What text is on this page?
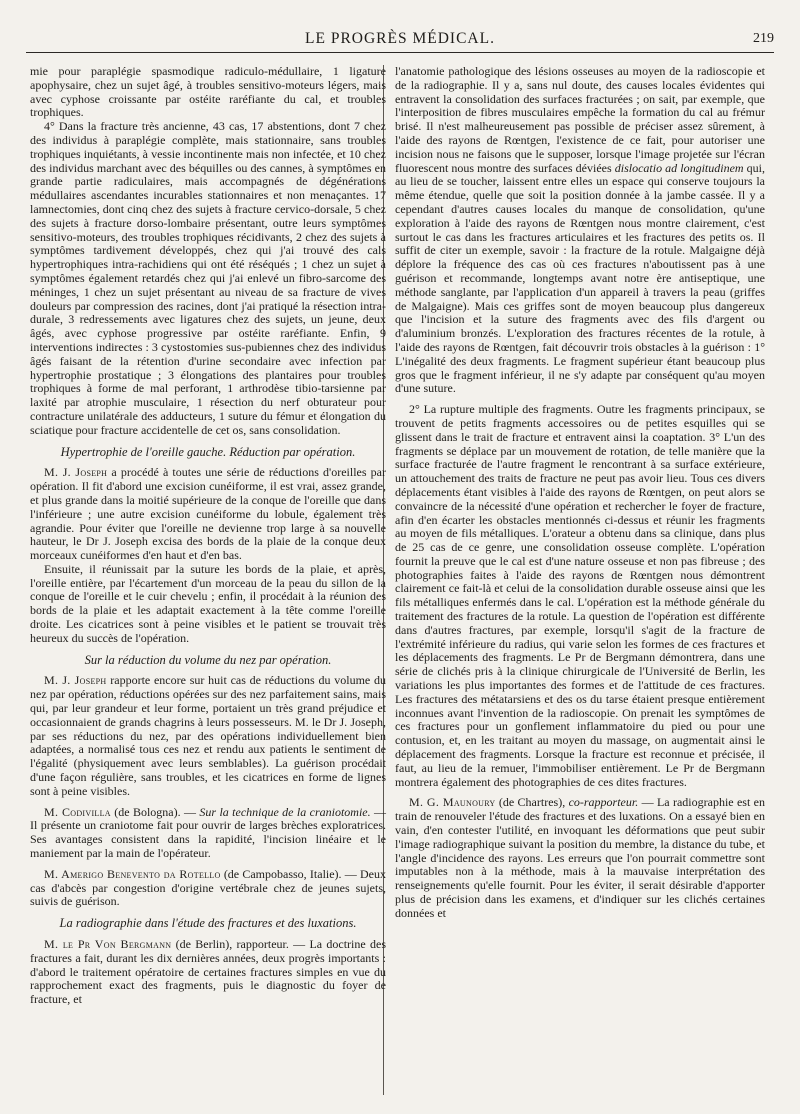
LE PROGRÈS MÉDICAL.	219

mie pour paraplégie spasmodique radiculo-médullaire, 1 ligature apophysaire, chez un sujet âgé, à troubles sensitivo-moteurs légers, mais avec cyphose croissante par ostéite raréfiante du cal, et troubles trophiques.

4° Dans la fracture très ancienne, 43 cas, 17 abstentions, dont 7 chez des individus à paraplégie complète, mais stationnaire, sans troubles trophiques inquiétants, à vessie incontinente mais non infectée, et 10 chez des individus marchant avec des béquilles ou des cannes, à symptômes en grande partie radiculaires, mais accompagnés de dégénérations médullaires ascendantes incurables stationnaires et non menaçantes. 17 lamnectomies, dont cinq chez des sujets à fracture cervico-dorsale, 5 chez des sujets à fracture dorso-lombaire présentant, outre leurs symptômes sensitivo-moteurs, des troubles trophiques récidivants, 2 chez des sujets à symptômes tardivement développés, chez qui j'ai trouvé des cals hypertrophiques intra-rachidiens qui ont été réséqués ; 1 chez un sujet à symptômes également retardés chez qui j'ai enlevé un fibro-sarcome des méninges, 1 chez un sujet présentant au niveau de sa fracture de vives douleurs par compression des racines, dont j'ai pratiqué la résection intra-durale, 3 redressements avec ligatures chez des sujets, un jeune, deux âgés, avec cyphose progressive par ostéite raréfiante. Enfin, 9 interventions indirectes : 3 cystostomies sus-pubiennes chez des individus âgés faisant de la rétention d'urine secondaire avec infection par hypertrophie prostatique ; 3 élongations des plantaires pour troubles trophiques à forme de mal perforant, 1 arthrodèse tibio-tarsienne par laxité par atrophie musculaire, 1 résection du nerf obturateur pour contracture unilatérale des adducteurs, 1 suture du fémur et élongation du sciatique pour fracture accidentelle de cet os, sans consolidation.

Hypertrophie de l'oreille gauche. Réduction par opération.

M. J. Joseph a procédé à toutes une série de réductions d'oreilles par opération. Il fit d'abord une excision cunéiforme, il est vrai, assez grande, et plus grande dans la moitié supérieure de la conque de l'oreille que dans l'inférieure ; une autre excision cunéiforme du lobule, également très agrandie. Pour éviter que l'oreille ne devienne trop large à sa nouvelle hauteur, le Dr J. Joseph excisa des bords de la plaie de la conque deux morceaux cunéiformes d'en haut et d'en bas.

Ensuite, il réunissait par la suture les bords de la plaie, et après, l'oreille entière, par l'écartement d'un morceau de la peau du sillon de la conque de l'oreille et le cuir chevelu ; enfin, il procédait à la réunion des bords de la plaie et les adaptait exactement à la tête comme l'oreille droite. Les cicatrices sont à peine visibles et le patient se trouvait très heureux du succès de l'opération.

Sur la réduction du volume du nez par opération.

M. J. Joseph rapporte encore sur huit cas de réductions du volume du nez par opération, réductions opérées sur des nez parfaitement sains, mais qui, par leur grandeur et leur forme, portaient un très grand préjudice et occasionnaient de grands chagrins à leurs possesseurs. M. le Dr J. Joseph, par ses réductions du nez, par des opérations individuellement bien adaptées, a normalisé tous ces nez et rendu aux patients le sentiment de l'égalité (physiquement avec leurs semblables). La guérison procédait d'une façon régulière, sans troubles, et les cicatrices en forme de lignes sont à peine visibles.

M. Codivilla (de Bologna). — Sur la technique de la craniotomie. — Il présente un craniotome fait pour ouvrir de larges brèches exploratrices. Ses avantages consistent dans la rapidité, l'incision linéaire et le maniement par la main de l'opérateur.

M. Amerigo Benevento da Rotello (de Campobasso, Italie). — Deux cas d'abcès par congestion d'origine vertébrale chez de jeunes sujets, suivis de guérison.

La radiographie dans l'étude des fractures et des luxations.

M. le Pr Von Bergmann (de Berlin), rapporteur. — La doctrine des fractures a fait, durant les dix dernières années, deux progrès importants : d'abord le traitement opératoire de certaines fractures simples en vue du rapprochement exact des fragments, puis le diagnostic du foyer de fracture, et

l'anatomie pathologique des lésions osseuses au moyen de la radioscopie et de la radiographie. Il y a, sans nul doute, des causes locales évidentes qui entravent la consolidation des surfaces fracturées ; on sait, par exemple, que l'interposition de fibres musculaires empêche la formation du cal au frémur brisé. Il n'est malheureusement pas possible de préciser assez sûrement, à l'aide des rayons de Rœntgen, l'existence de ce fait, pour autoriser une incision nous ne faisons que le supposer, lorsque l'image projetée sur l'écran fluorescent nous montre des surfaces déviées dislocatio ad longitudinem qui, au lieu de se toucher, laissent entre elles un espace qui conserve toujours la même étendue, quelle que soit la position donnée à la jambe cassée. Il y a cependant d'autres causes locales du manque de consolidation, qu'une exploration à l'aide des rayons de Rœntgen nous montre clairement, c'est surtout le cas dans les fractures articulaires et les fractures des petits os. Il suffit de citer un exemple, savoir : la fracture de la rotule. Malgaigne déjà déplore la fréquence des cas où ces fractures n'aboutissent pas à une guérison et recommande, longtemps avant notre ère antiseptique, une méthode sanglante, par l'application d'un appareil à travers la peau (griffes de Malgaigne). Mais ces griffes sont de moyen beaucoup plus dangereux que l'incision et la suture des fragments avec des fils d'argent ou d'aluminium bronzés. L'exploration des fractures récentes de la rotule, à l'aide des rayons de Rœntgen, fait découvrir trois obstacles à la guérison : 1° L'inégalité des deux fragments. Le fragment supérieur étant beaucoup plus gros que le fragment inférieur, il ne s'y adapte par conséquent qu'au moyen d'une suture.

2° La rupture multiple des fragments. Outre les fragments principaux, se trouvent de petits fragments accessoires ou de petites esquilles qui se glissent dans le trait de fracture et entravent ainsi la coaptation. 3° L'un des fragments se déplace par un mouvement de rotation, de telle manière que la surface fracturée de l'autre fragment le rencontrant à sa surface extérieure, un attouchement des traits de fracture ne peut pas avoir lieu. Tous ces divers déplacements étant visibles à l'aide des rayons de Rœntgen, on peut alors se convaincre de la nécessité d'une opération et rechercher le foyer de fracture, afin d'en écarter les obstacles mentionnés ci-dessus et réunir les fragments au moyen de fils métalliques. L'orateur a obtenu dans sa clinique, dans plus de 25 cas de ce genre, une consolidation osseuse complète. L'opération fournit la preuve que le cal est d'une nature osseuse et non pas fibreuse ; des photographies faites à l'aide des rayons de Rœntgen nous démontrent clairement ce fait-là et celui de la consolidation durable osseuse ainsi que les fils métalliques enfermés dans le cal. L'opération est la méthode générale du traitement des fractures de la rotule. La question de l'opération est différente dans d'autres fractures, par exemple, lorsqu'il s'agit de la fracture de l'extrémité inférieure du radius, qui varie selon les formes de ces fractures et les déplacements des fragments. Le Pr de Bergmann démontrera, dans une série de clichés pris à la clinique chirurgicale de l'Université de Berlin, les variations les plus importantes des formes et de l'attitude de ces fractures. Les fractures des métatarsiens et des os du tarse étaient presque entièrement inconnues avant l'invention de la radioscopie. On prenait les symptômes de ces fractures pour un gonflement inflammatoire du pied ou pour une contusion, et, en les traitant au moyen du massage, on augmentait ainsi le déplacement des fragments. Lorsque la fracture est reconnue et précisée, il faut, au lieu de la remuer, l'immobiliser entièrement. Le Pr de Bergmann montrera également des photographies de ces dites fractures.

M. G. Maunoury (de Chartres), co-rapporteur. — La radiographie est en train de renouveler l'étude des fractures et des luxations. On a essayé bien en vain, d'en contester l'utilité, en invoquant les déformations que peut subir l'image radiographique suivant la position du membre, la distance du tube, et l'angle d'incidence des rayons. Les erreurs que l'on pourrait commettre sont imputables non à la méthode, mais à la mauvaise interprétation des renseignements qu'elle fournit. Pour les éviter, il serait désirable d'apporter plus de précision dans les examens, et d'indiquer sur les clichés certaines données et
